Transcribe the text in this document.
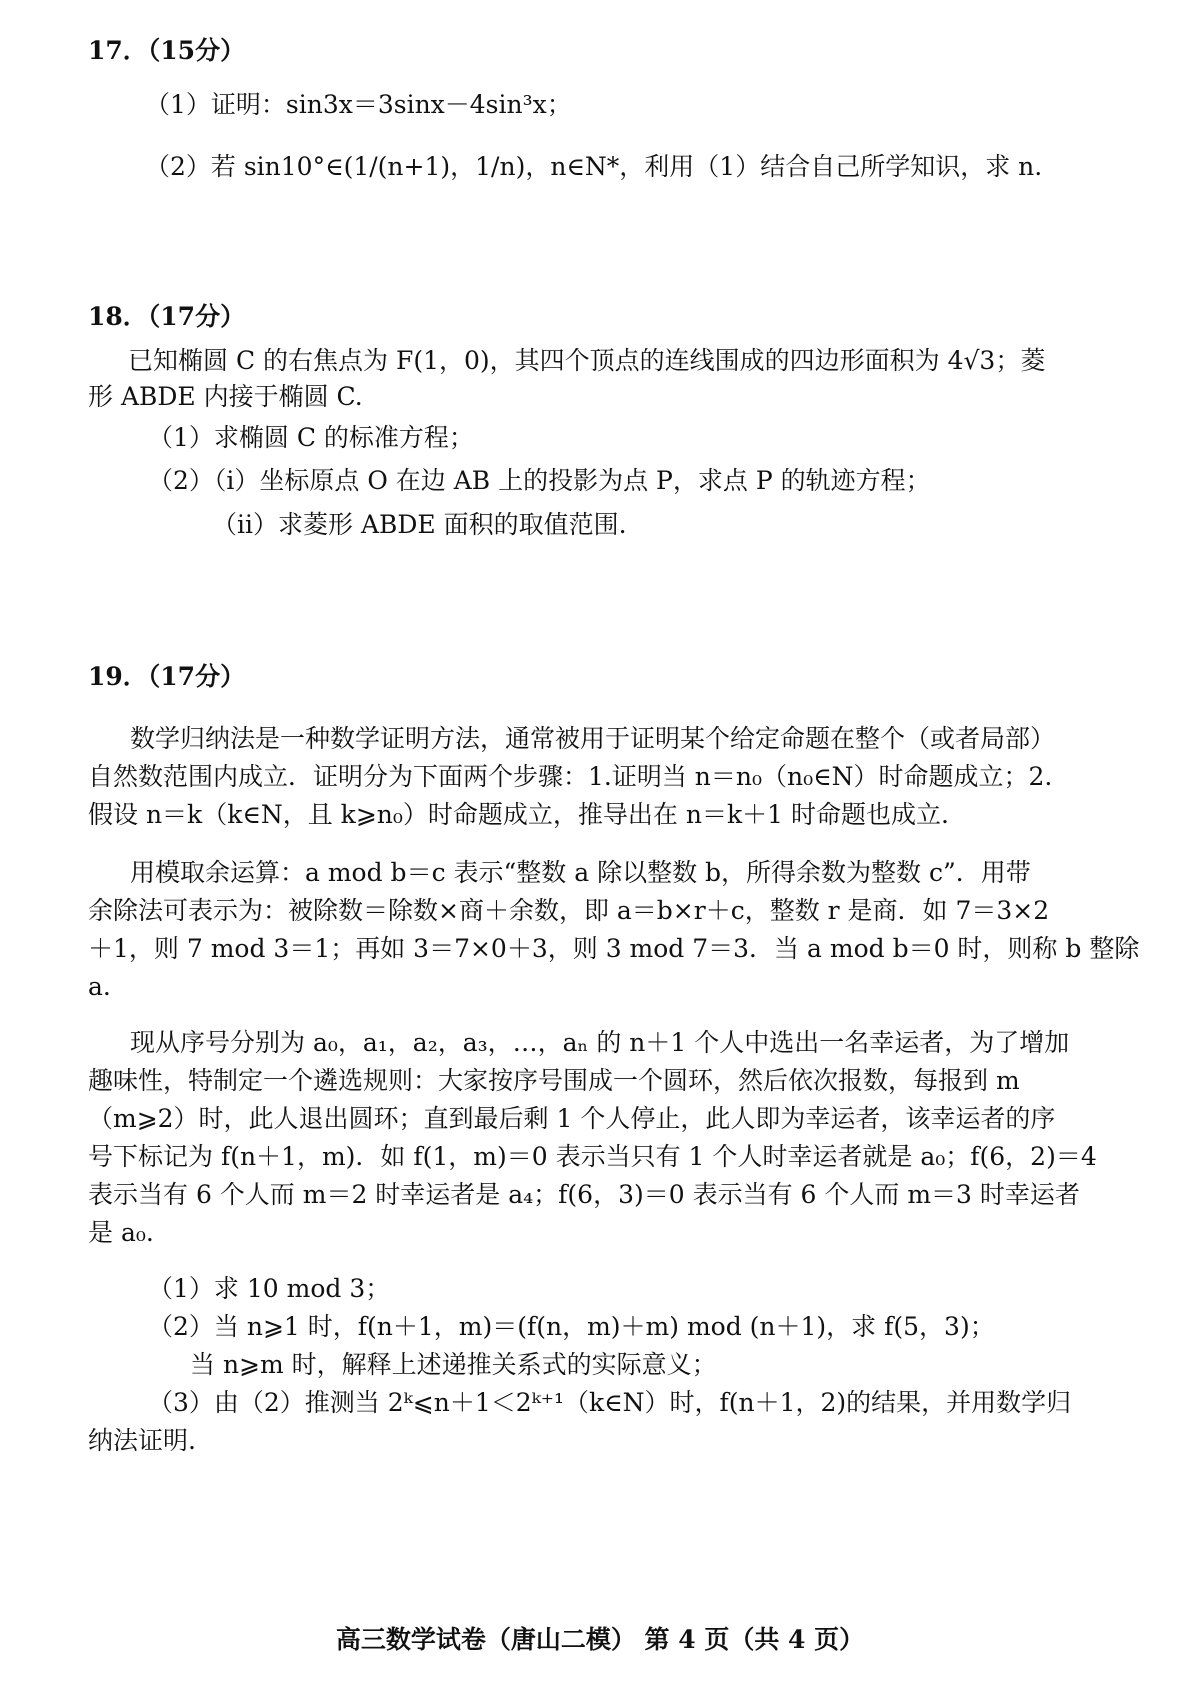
17．（15分）
（1）证明：sin3x＝3sinx－4sin³x；
（2）若 sin10°∈(1/(n+1)，1/n)，n∈N*，利用（1）结合自己所学知识，求 n.
18．（17分）
已知椭圆 C 的右焦点为 F(1，0)，其四个顶点的连线围成的四边形面积为 4√3；菱
形 ABDE 内接于椭圆 C.
（1）求椭圆 C 的标准方程；
（2）（ⅰ）坐标原点 O 在边 AB 上的投影为点 P，求点 P 的轨迹方程；
（ⅱ）求菱形 ABDE 面积的取值范围.
19．（17分）
数学归纳法是一种数学证明方法，通常被用于证明某个给定命题在整个（或者局部）
自然数范围内成立．证明分为下面两个步骤：1.证明当 n＝n₀（n₀∈N）时命题成立；2.
假设 n＝k（k∈N，且 k⩾n₀）时命题成立，推导出在 n＝k＋1 时命题也成立.
用模取余运算：a mod b＝c 表示“整数 a 除以整数 b，所得余数为整数 c”．用带
余除法可表示为：被除数＝除数×商＋余数，即 a＝b×r＋c，整数 r 是商．如 7＝3×2
＋1，则 7 mod 3＝1；再如 3＝7×0＋3，则 3 mod 7＝3．当 a mod b＝0 时，则称 b 整除
a.
现从序号分别为 a₀，a₁，a₂，a₃，…，aₙ 的 n＋1 个人中选出一名幸运者，为了增加
趣味性，特制定一个遴选规则：大家按序号围成一个圆环，然后依次报数，每报到 m
（m⩾2）时，此人退出圆环；直到最后剩 1 个人停止，此人即为幸运者，该幸运者的序
号下标记为 f(n＋1，m)．如 f(1，m)＝0 表示当只有 1 个人时幸运者就是 a₀；f(6，2)＝4
表示当有 6 个人而 m＝2 时幸运者是 a₄；f(6，3)＝0 表示当有 6 个人而 m＝3 时幸运者
是 a₀.
（1）求 10 mod 3；
（2）当 n⩾1 时，f(n＋1，m)＝(f(n，m)＋m) mod (n＋1)，求 f(5，3)；
当 n⩾m 时，解释上述递推关系式的实际意义；
（3）由（2）推测当 2ᵏ⩽n＋1＜2ᵏ⁺¹（k∈N）时，f(n＋1，2)的结果，并用数学归
纳法证明.
高三数学试卷（唐山二模） 第 4 页（共 4 页）
